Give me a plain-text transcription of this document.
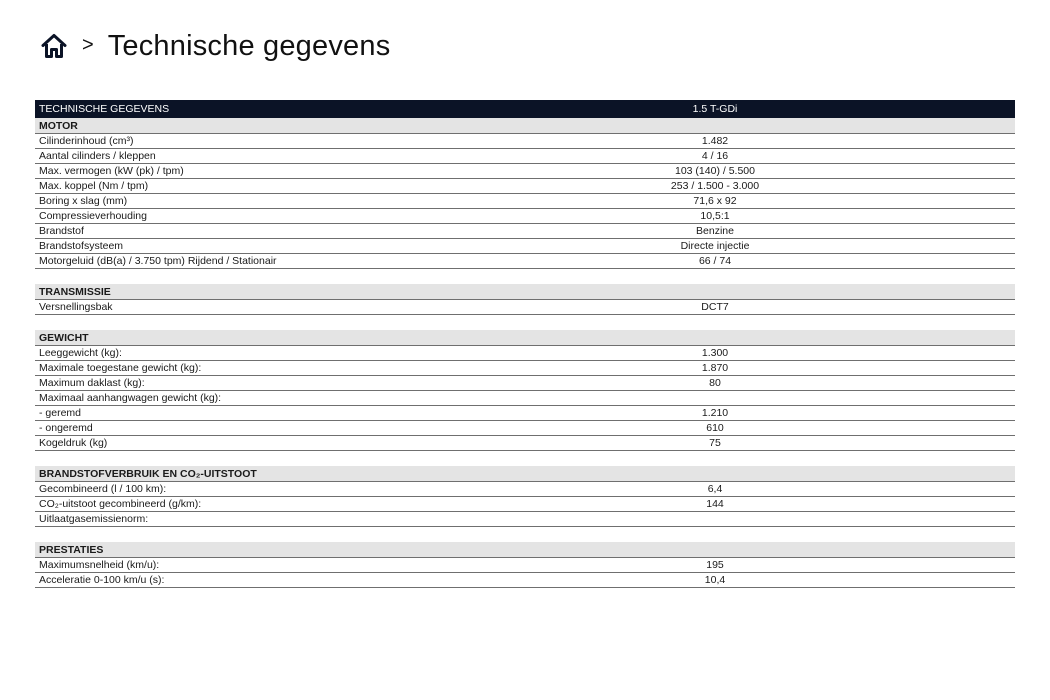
> Technische gegevens
TECHNISCHE GEGEVENS	1.5 T-GDi
MOTOR
Cilinderinhoud (cm³)	1.482
Aantal cilinders / kleppen	4 / 16
Max. vermogen (kW (pk) / tpm)	103 (140) / 5.500
Max. koppel (Nm / tpm)	253 / 1.500 - 3.000
Boring x slag (mm)	71,6 x 92
Compressieverhouding	10,5:1
Brandstof	Benzine
Brandstofsysteem	Directe injectie
Motorgeluid (dB(a) / 3.750 tpm) Rijdend / Stationair	66 / 74
TRANSMISSIE
Versnellingsbak	DCT7
GEWICHT
Leeggewicht (kg):	1.300
Maximale toegestane gewicht (kg):	1.870
Maximum daklast (kg):	80
Maximaal aanhangwagen gewicht (kg):
- geremd	1.210
- ongeremd	610
Kogeldruk (kg)	75
BRANDSTOFVERBRUIK EN CO₂-UITSTOOT
Gecombineerd (l / 100 km):	6,4
CO₂-uitstoot gecombineerd (g/km):	144
Uitlaatgasemissienorm:
PRESTATIES
Maximumsnelheid (km/u):	195
Acceleratie 0-100 km/u (s):	10,4
